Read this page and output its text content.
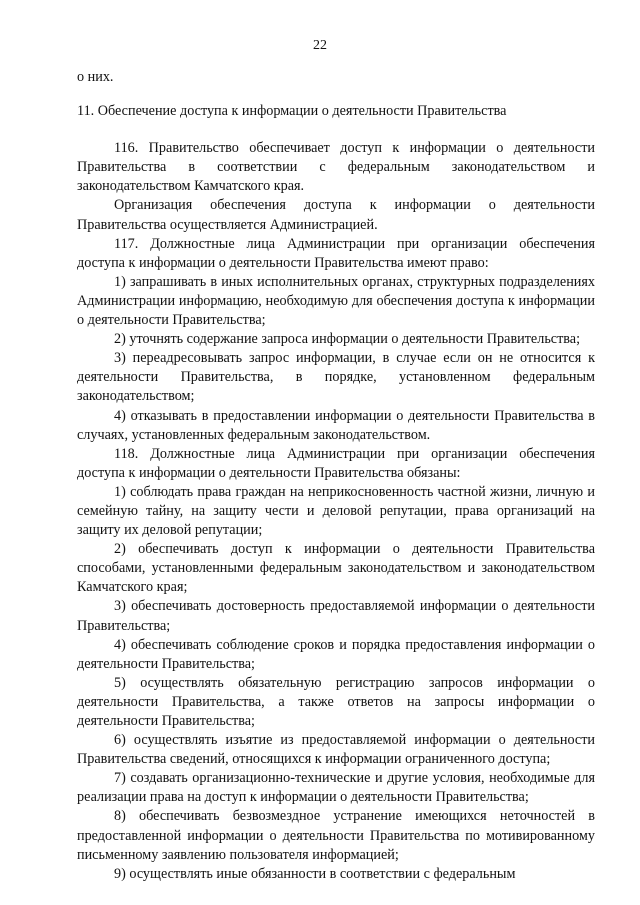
22

о них.

11. Обеспечение доступа к информации о деятельности Правительства

116. Правительство обеспечивает доступ к информации о деятельности Правительства в соответствии с федеральным законодательством и законодательством Камчатского края.

Организация обеспечения доступа к информации о деятельности Правительства осуществляется Администрацией.

117. Должностные лица Администрации при организации обеспечения доступа к информации о деятельности Правительства имеют право:

1) запрашивать в иных исполнительных органах, структурных подразделениях Администрации информацию, необходимую для обеспечения доступа к информации о деятельности Правительства;

2) уточнять содержание запроса информации о деятельности Правительства;

3) переадресовывать запрос информации, в случае если он не относится к деятельности Правительства, в порядке, установленном федеральным законодательством;

4) отказывать в предоставлении информации о деятельности Правительства в случаях, установленных федеральным законодательством.

118. Должностные лица Администрации при организации обеспечения доступа к информации о деятельности Правительства обязаны:

1) соблюдать права граждан на неприкосновенность частной жизни, личную и семейную тайну, на защиту чести и деловой репутации, права организаций на защиту их деловой репутации;

2) обеспечивать доступ к информации о деятельности Правительства способами, установленными федеральным законодательством и законодательством Камчатского края;

3) обеспечивать достоверность предоставляемой информации о деятельности Правительства;

4) обеспечивать соблюдение сроков и порядка предоставления информации о деятельности Правительства;

5) осуществлять обязательную регистрацию запросов информации о деятельности Правительства, а также ответов на запросы информации о деятельности Правительства;

6) осуществлять изъятие из предоставляемой информации о деятельности Правительства сведений, относящихся к информации ограниченного доступа;

7) создавать организационно-технические и другие условия, необходимые для реализации права на доступ к информации о деятельности Правительства;

8) обеспечивать безвозмездное устранение имеющихся неточностей в предоставленной информации о деятельности Правительства по мотивированному письменному заявлению пользователя информацией;

9) осуществлять иные обязанности в соответствии с федеральным
